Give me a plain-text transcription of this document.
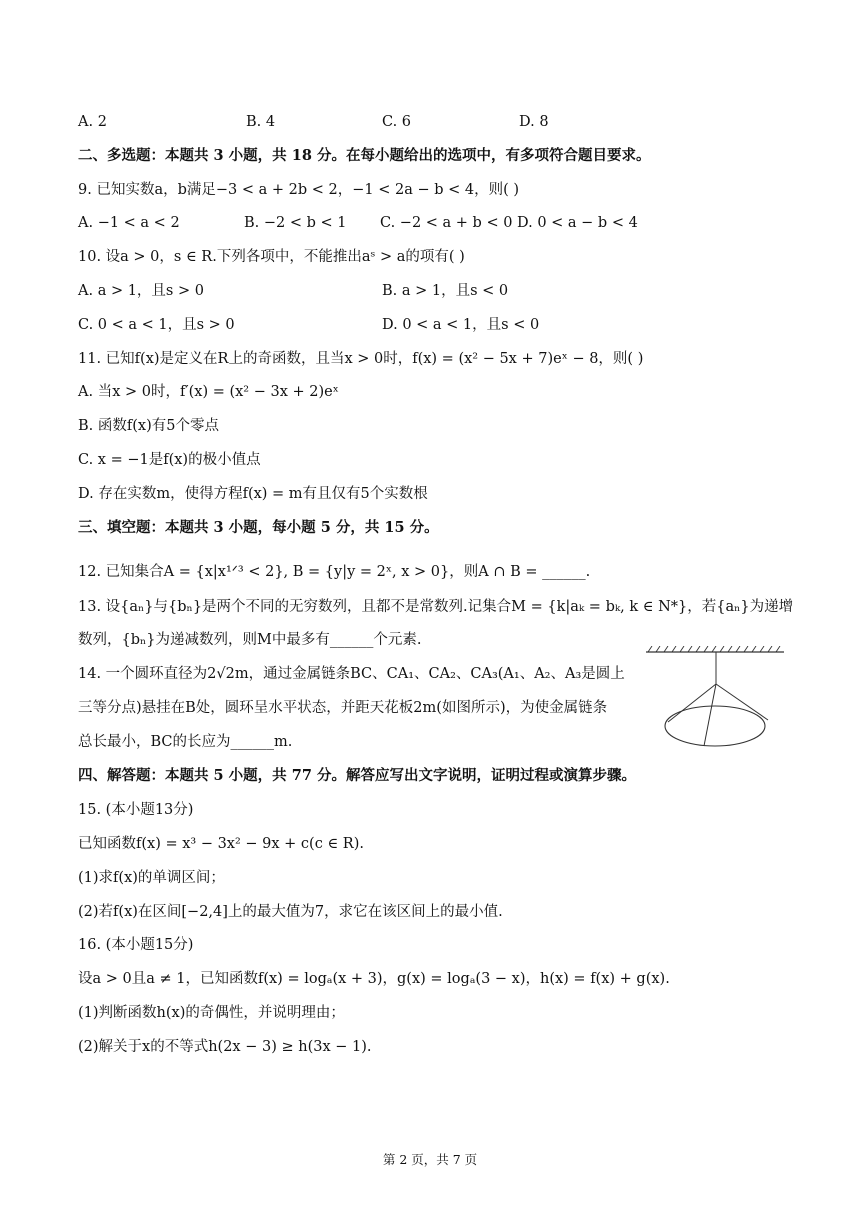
A. 2	B. 4	C. 6	D. 8
二、多选题：本题共 3 小题，共 18 分。在每小题给出的选项中，有多项符合题目要求。
9. 已知实数a，b满足−3 < a + 2b < 2，−1 < 2a − b < 4，则( )
A. −1 < a < 2	B. −2 < b < 1	C. −2 < a + b < 0 D. 0 < a − b < 4
10. 设a > 0，s ∈ R.下列各项中，不能推出aˢ > a的项有( )
A. a > 1，且s > 0	B. a > 1，且s < 0
C. 0 < a < 1，且s > 0	D. 0 < a < 1，且s < 0
11. 已知f(x)是定义在R上的奇函数，且当x > 0时，f(x) = (x² − 5x + 7)eˣ − 8，则( )
A. 当x > 0时，f′(x) = (x² − 3x + 2)eˣ
B. 函数f(x)有5个零点
C. x = −1是f(x)的极小值点
D. 存在实数m，使得方程f(x) = m有且仅有5个实数根
三、填空题：本题共 3 小题，每小题 5 分，共 15 分。
12. 已知集合A = {x|x¹ᐟ³ < 2}, B = {y|y = 2ˣ, x > 0}，则A ∩ B = ______.
13. 设{aₙ}与{bₙ}是两个不同的无穷数列，且都不是常数列.记集合M = {k|aₖ = bₖ, k ∈ N*}，若{aₙ}为递增
数列，{bₙ}为递减数列，则M中最多有______个元素.
14. 一个圆环直径为2√2m，通过金属链条BC、CA₁、CA₂、CA₃(A₁、A₂、A₃是圆上
三等分点)悬挂在B处，圆环呈水平状态，并距天花板2m(如图所示)，为使金属链条
总长最小，BC的长应为______m.
四、解答题：本题共 5 小题，共 77 分。解答应写出文字说明，证明过程或演算步骤。
15. (本小题13分)
已知函数f(x) = x³ − 3x² − 9x + c(c ∈ R).
(1)求f(x)的单调区间；
(2)若f(x)在区间[−2,4]上的最大值为7，求它在该区间上的最小值.
16. (本小题15分)
设a > 0且a ≠ 1，已知函数f(x) = logₐ(x + 3)，g(x) = logₐ(3 − x)，h(x) = f(x) + g(x).
(1)判断函数h(x)的奇偶性，并说明理由；
(2)解关于x的不等式h(2x − 3) ≥ h(3x − 1).
第 2 页，共 7 页
